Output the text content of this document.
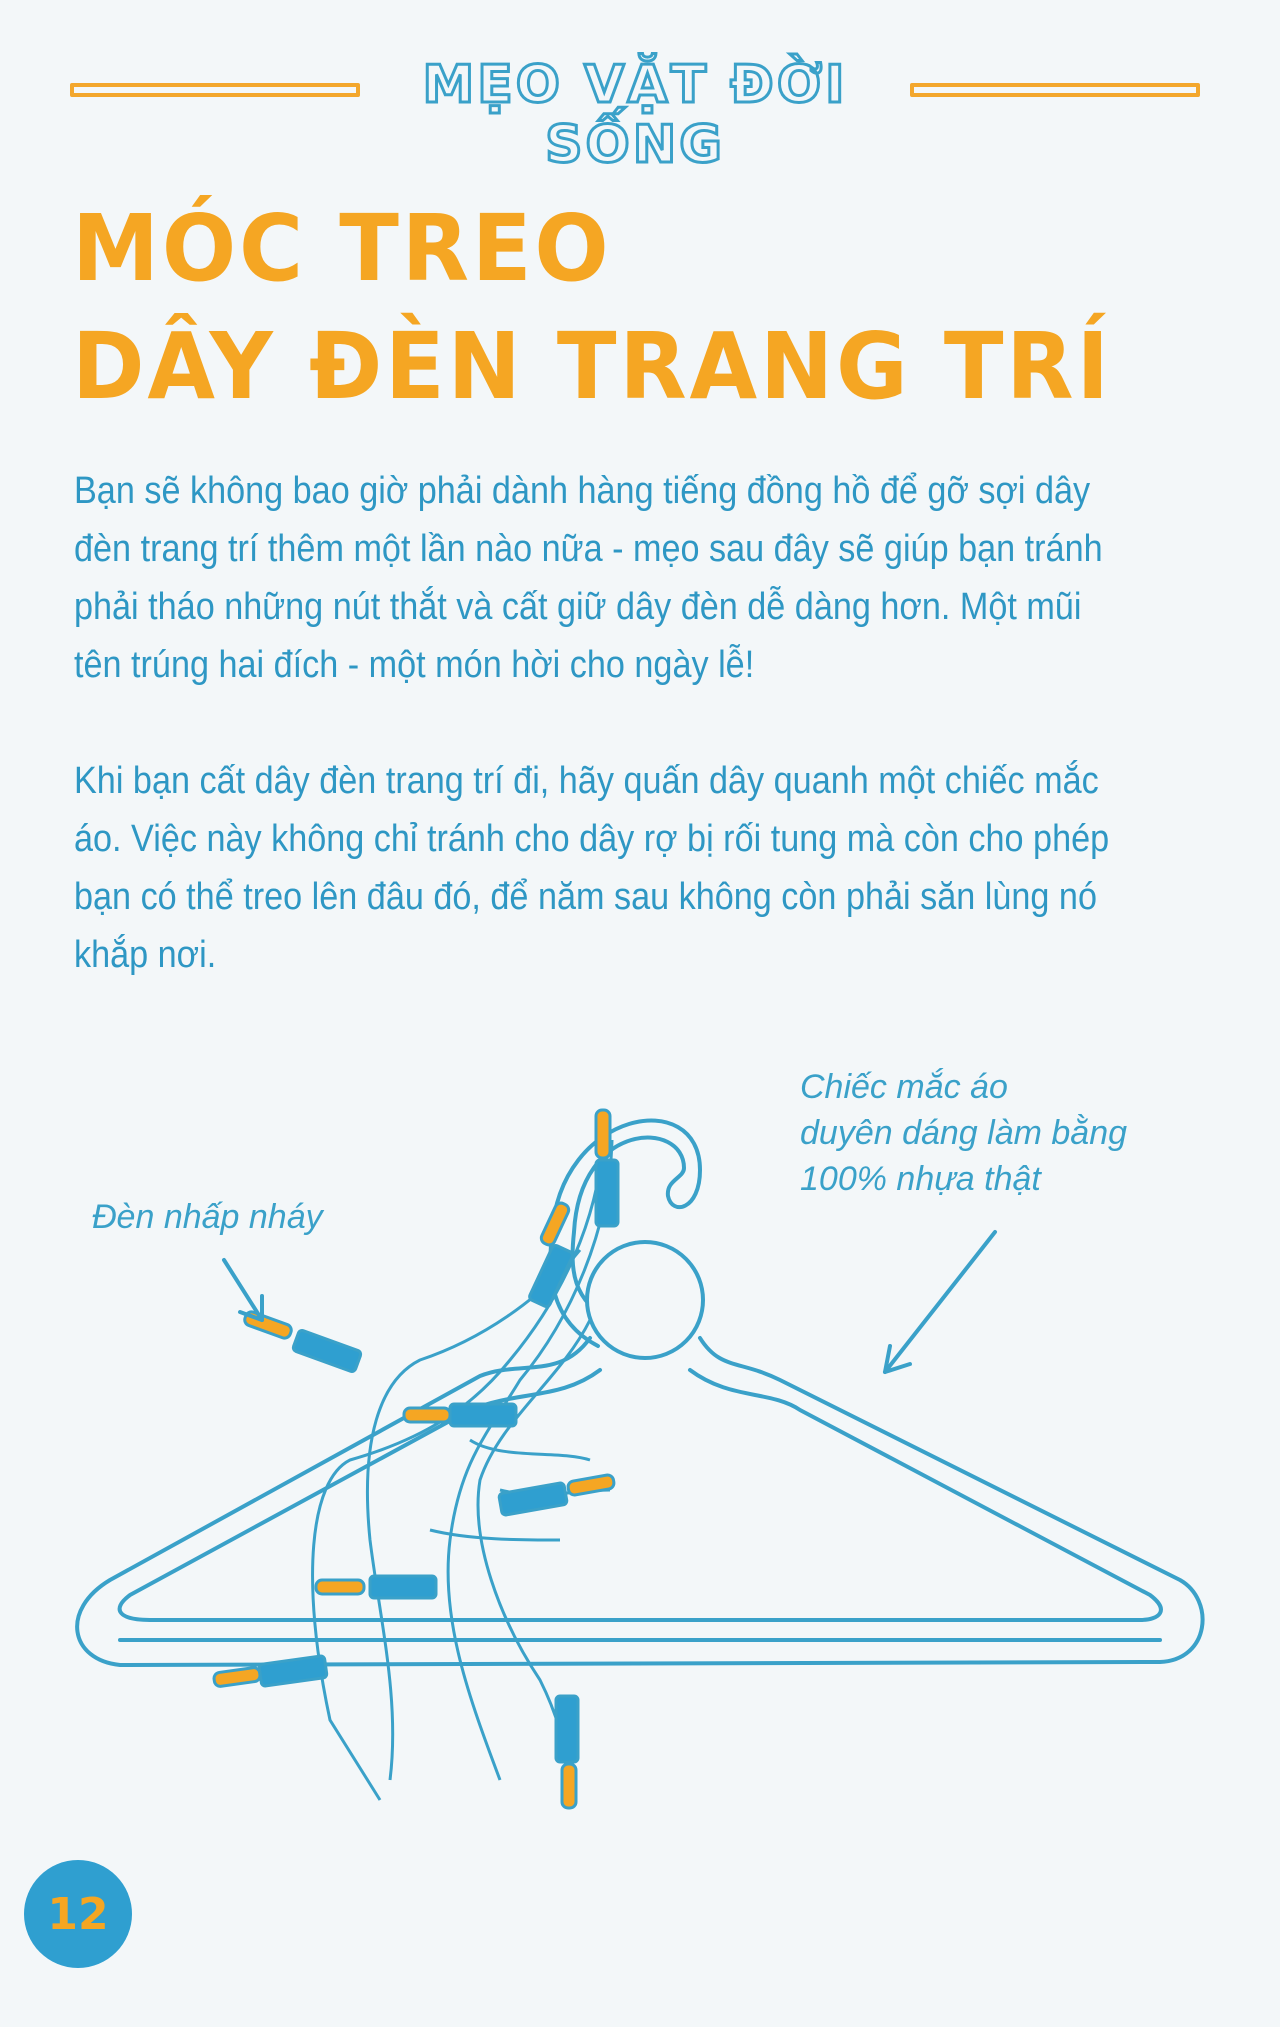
MẸO VẶT ĐỜI SỐNG
MÓC TREO
DÂY ĐÈN TRANG TRÍ
Bạn sẽ không bao giờ phải dành hàng tiếng đồng hồ để gỡ sợi dây
đèn trang trí thêm một lần nào nữa - mẹo sau đây sẽ giúp bạn tránh
phải tháo những nút thắt và cất giữ dây đèn dễ dàng hơn. Một mũi
tên trúng hai đích - một món hời cho ngày lễ!
Khi bạn cất dây đèn trang trí đi, hãy quấn dây quanh một chiếc mắc
áo. Việc này không chỉ tránh cho dây rợ bị rối tung mà còn cho phép
bạn có thể treo lên đâu đó, để năm sau không còn phải săn lùng nó
khắp nơi.
Chiếc mắc áo
duyên dáng làm bằng
100% nhựa thật
Đèn nhấp nháy
12
